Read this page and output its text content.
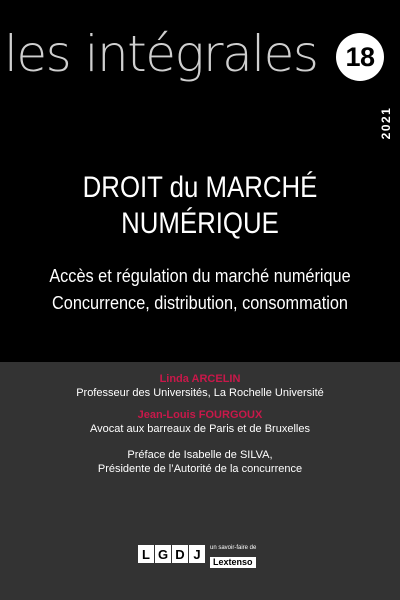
les intégrales	18
2021
DROIT du MARCHÉ
NUMÉRIQUE
Accès et régulation du marché numérique
Concurrence, distribution, consommation
Linda ARCELIN
Professeur des Universités, La Rochelle Université
Jean-Louis FOURGOUX
Avocat aux barreaux de Paris et de Bruxelles
Préface de Isabelle de SILVA,
Présidente de l’Autorité de la concurrence
L G D J	un savoir-faire de
Lextenso
